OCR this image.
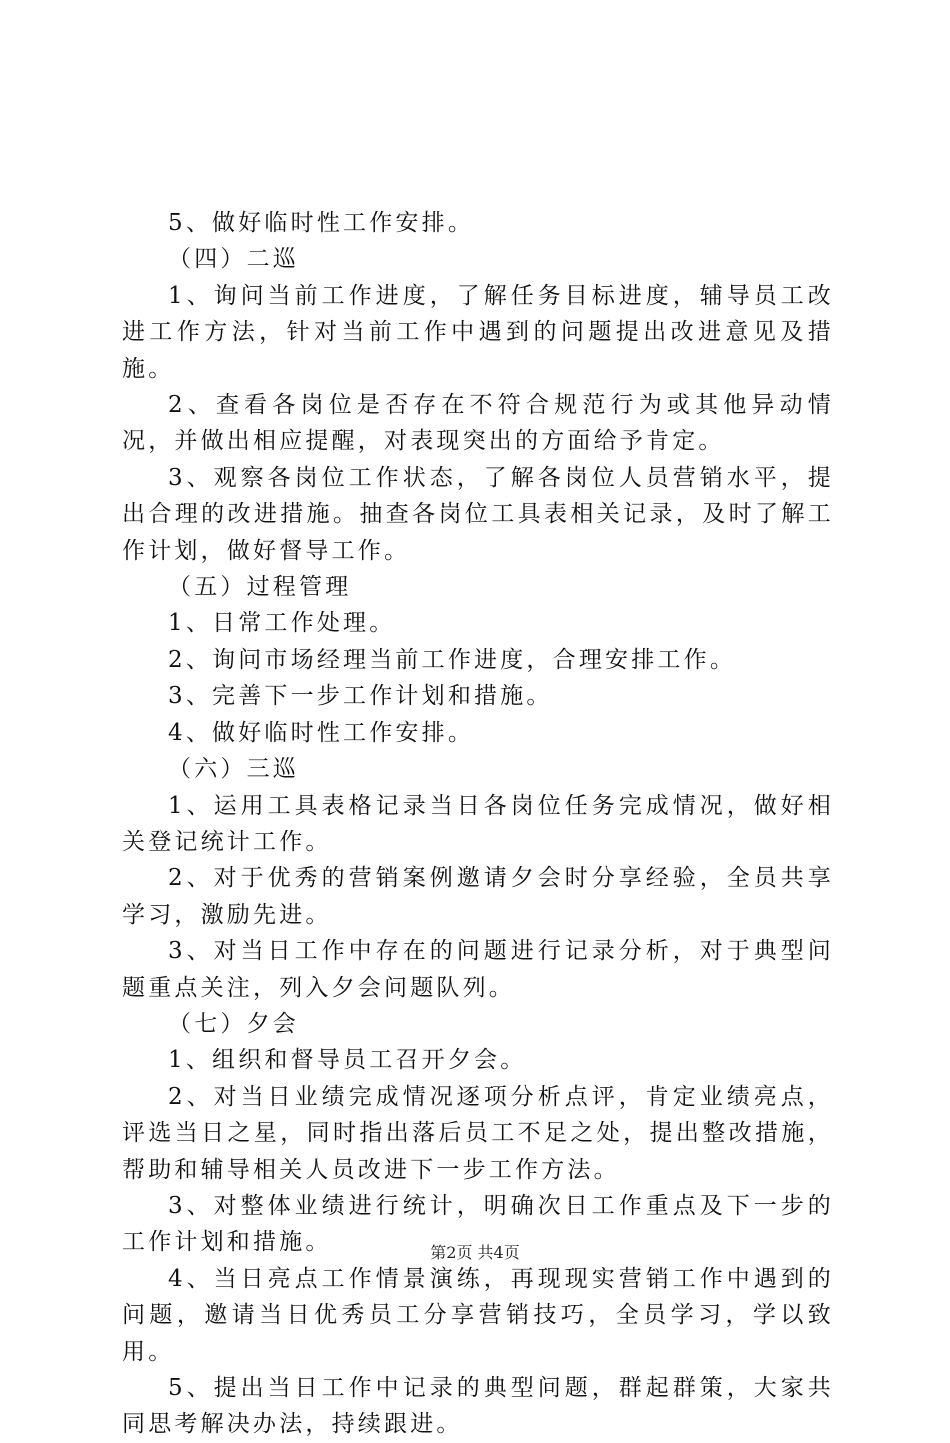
5、做好临时性工作安排。

（四）二巡

1、询问当前工作进度，了解任务目标进度，辅导员工改进工作方法，针对当前工作中遇到的问题提出改进意见及措施。

2、查看各岗位是否存在不符合规范行为或其他异动情况，并做出相应提醒，对表现突出的方面给予肯定。

3、观察各岗位工作状态，了解各岗位人员营销水平，提出合理的改进措施。抽查各岗位工具表相关记录，及时了解工作计划，做好督导工作。

（五）过程管理

1、日常工作处理。

2、询问市场经理当前工作进度，合理安排工作。

3、完善下一步工作计划和措施。

4、做好临时性工作安排。

（六）三巡

1、运用工具表格记录当日各岗位任务完成情况，做好相关登记统计工作。

2、对于优秀的营销案例邀请夕会时分享经验，全员共享学习，激励先进。

3、对当日工作中存在的问题进行记录分析，对于典型问题重点关注，列入夕会问题队列。

（七）夕会

1、组织和督导员工召开夕会。

2、对当日业绩完成情况逐项分析点评，肯定业绩亮点，评选当日之星，同时指出落后员工不足之处，提出整改措施，帮助和辅导相关人员改进下一步工作方法。

3、对整体业绩进行统计，明确次日工作重点及下一步的工作计划和措施。

4、当日亮点工作情景演练，再现现实营销工作中遇到的问题，邀请当日优秀员工分享营销技巧，全员学习，学以致用。

5、提出当日工作中记录的典型问题，群起群策，大家共同思考解决办法，持续跟进。

第2页 共4页
